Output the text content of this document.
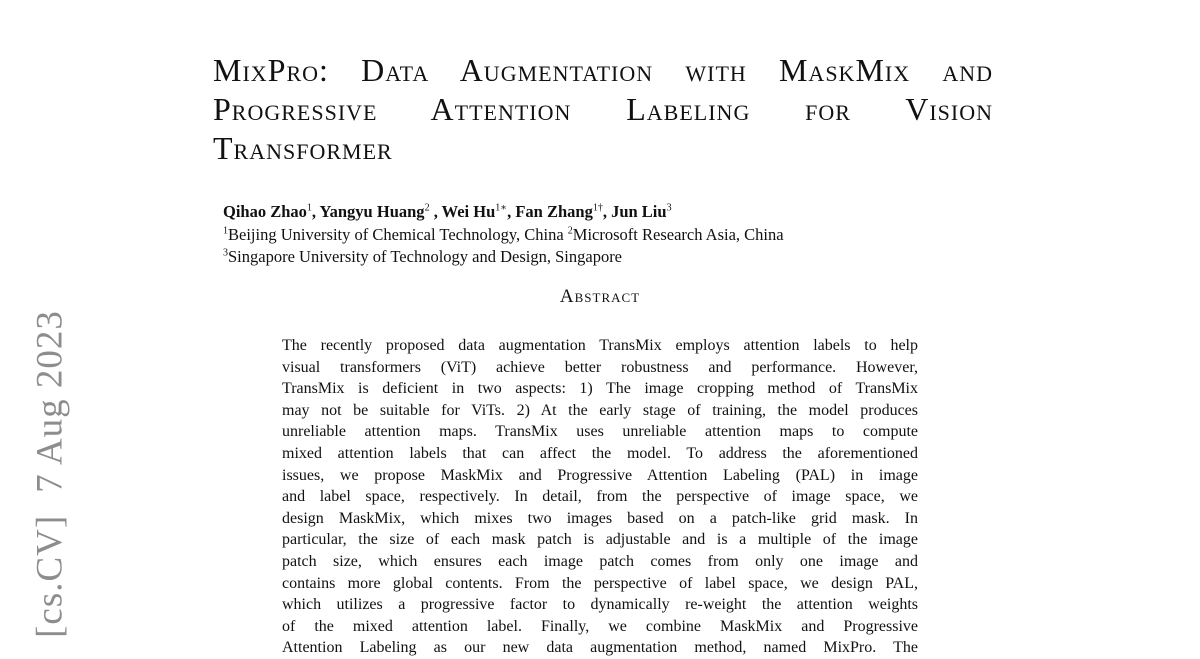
[cs.CV]7 Aug 2023
MixPro: Data Augmentation with MaskMix and Progressive Attention Labeling for Vision Transformer

Qihao Zhao$^1$, Yangyu Huang$^2$ , Wei $Hu^{1∗}$, Fan Zhang$^{1\dagger}$, Jun Liu$^3$

$^1$Beijing University of Chemical Technology, China $^2$Microsoft Research Asia, China

$^3$Singapore University of Technology and Design, Singapore

Abstract
The recently proposed data augmentation TransMix employs attention labels to help
visual transformers (ViT) achieve better robustness and performance. However,
TransMix is deficient in two aspects: 1) The image cropping method of TransMix
may not be suitable for ViTs. 2) At the early stage of training, the model produces
unreliable attention maps. TransMix uses unreliable attention maps to compute
mixed attention labels that can affect the model. To address the aforementioned
issues, we propose MaskMix and Progressive Attention Labeling (PAL) in image
and label space, respectively. In detail, from the perspective of image space, we
design MaskMix, which mixes two images based on a patch-like grid mask. In
particular, the size of each mask patch is adjustable and is a multiple of the image
patch size, which ensures each image patch comes from only one image and
contains more global contents. From the perspective of label space, we design PAL,
which utilizes a progressive factor to dynamically re-weight the attention weights
of the mixed attention label. Finally, we combine MaskMix and Progressive
Attention Labeling as our new data augmentation method, named MixPro. The
